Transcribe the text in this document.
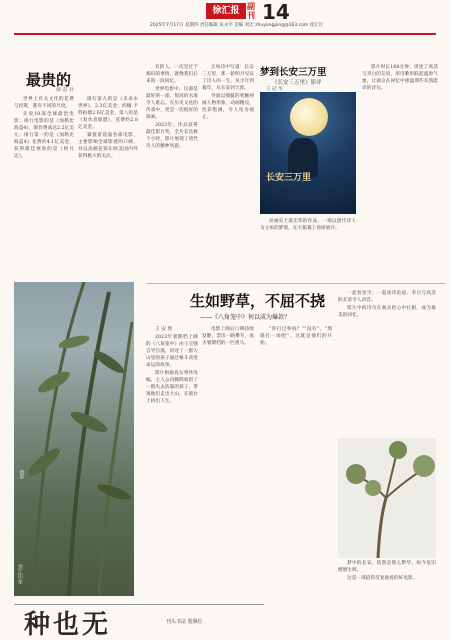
徐汇报 副刊 14
2025年7月17日 星期四 责任编辑 朱永平 美编 刘宏 zhuyongping@163.com 徐汇区
最贵的
俞 益 社

世界上有关文化的花费与投资，都有不同的尺度。

先说10部全球最贵电影：排行电影的是《加勒比海盗4》，制作费高达2.2亿美元；排行第一的是《加勒比海盗4》花费约4.1亿美金，获得最佳视效的是《阿凡达》。

排行第九的是《未来水世界》，2.3亿美金；约翰·卡特拍摄2.6亿美金，第八的是《复仇者联盟》，花费约2.8亿美金。

紧接着前面各部电影，主要影响全球影迷的口碑，并以高额花销在欧美国内外获得极大的关注。

摄影
徐汇印象
种也无	刊头书法 殷佩红

有的人。一次是过于相识的事情，就像我们后来的一段回忆。

世界电影中，这部是最好的一部，很高的水准令人难忘，在历史文化的传承中，更是一次很好的探索。

2023年，作品获得最佳影片奖，全片长达数个小时，影片展现了唐代诗人的精神风貌。

正如诗中写道：长安三万里，那一轮明月见证了诗人的一生。从少年到暮年，从长安到天涯。

导演以细腻的笔触刻画人物形象，动画精良，色彩饱满，令人叹为观止。

梦到长安三万里
《长安三万里》影评
王 冠 华
长安三万里

动画史上最宏伟的作品，一场以唐代诗人为主角的梦境，在大银幕上徐徐展开。

影片时长168分钟，讲述了高适与李白的友谊，用诗歌串联起盛唐气象，让观众在回忆中重温那些耳熟能详的诗句。

生如野草，不屈不挠
——《八角笼中》何以成为爆款？

王 安 然

2023年暑期档上映的《八角笼中》由王宝强自导自演，讲述了一群大山里的孩子通过格斗改变命运的故事。

影片根据真实事件改编，主人公向腾辉收留了一群失去依靠的孩子，带领他们走出大山，在擂台上拼出人生。

电影上映后口碑持续发酵，票房一路攀升，成为暑期档的一匹黑马。

“你打过拳吗？”“没有”。“那就打一场吧”。这就是他们的开始。

一起看星空，一起谈诗论道。李白与高适的友谊令人动容。

影片中的诗句在观众的心中扎根，成为最美的回忆。

梦中的长安，依然是那么繁华，如今依旧熠熠生辉。

这是一部值得反复观看的好电影。
